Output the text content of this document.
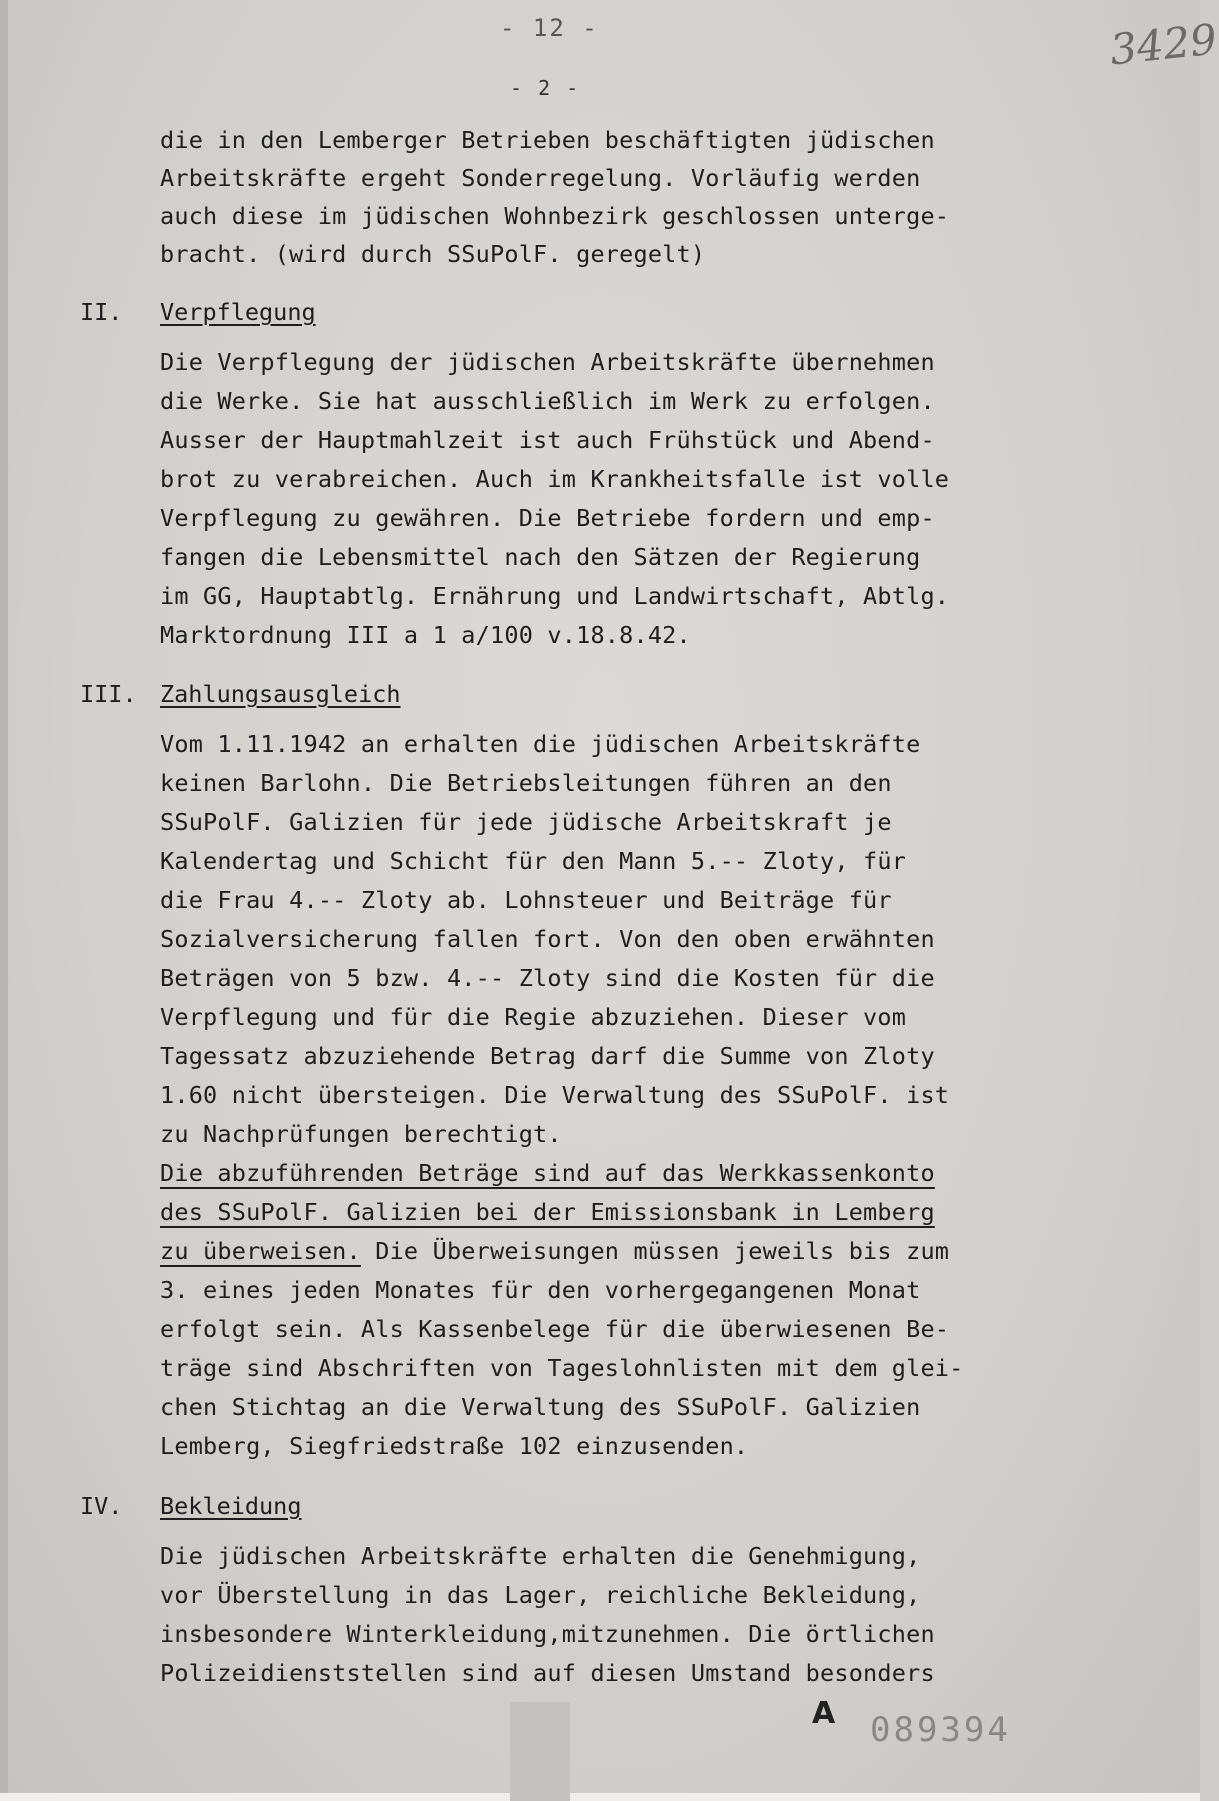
- 12 -
- 2 -
3429
die in den Lemberger Betrieben beschäftigten jüdischen
Arbeitskräfte ergeht Sonderregelung. Vorläufig werden
auch diese im jüdischen Wohnbezirk geschlossen unterge-
bracht. (wird durch SSuPolF. geregelt)
II. Verpflegung
Die Verpflegung der jüdischen Arbeitskräfte übernehmen
die Werke. Sie hat ausschließlich im Werk zu erfolgen.
Ausser der Hauptmahlzeit ist auch Frühstück und Abend-
brot zu verabreichen. Auch im Krankheitsfalle ist volle
Verpflegung zu gewähren. Die Betriebe fordern und emp-
fangen die Lebensmittel nach den Sätzen der Regierung
im GG, Hauptabtlg. Ernährung und Landwirtschaft, Abtlg.
Marktordnung III a 1 a/100 v.18.8.42.
III. Zahlungsausgleich
Vom 1.11.1942 an erhalten die jüdischen Arbeitskräfte
keinen Barlohn. Die Betriebsleitungen führen an den
SSuPolF. Galizien für jede jüdische Arbeitskraft je
Kalendertag und Schicht für den Mann 5.-- Zloty, für
die Frau 4.-- Zloty ab. Lohnsteuer und Beiträge für
Sozialversicherung fallen fort. Von den oben erwähnten
Beträgen von 5 bzw. 4.-- Zloty sind die Kosten für die
Verpflegung und für die Regie abzuziehen. Dieser vom
Tagessatz abzuziehende Betrag darf die Summe von Zloty
1.60 nicht übersteigen. Die Verwaltung des SSuPolF. ist
zu Nachprüfungen berechtigt.
Die abzuführenden Beträge sind auf das Werkkassenkonto
des SSuPolF. Galizien bei der Emissionsbank in Lemberg
zu überweisen. Die Überweisungen müssen jeweils bis zum
3. eines jeden Monates für den vorhergegangenen Monat
erfolgt sein. Als Kassenbelege für die überwiesenen Be-
träge sind Abschriften von Tageslohnlisten mit dem glei-
chen Stichtag an die Verwaltung des SSuPolF. Galizien
Lemberg, Siegfriedstraße 102 einzusenden.
IV. Bekleidung
Die jüdischen Arbeitskräfte erhalten die Genehmigung,
vor Überstellung in das Lager, reichliche Bekleidung,
insbesondere Winterkleidung,mitzunehmen. Die örtlichen
Polizeidienststellen sind auf diesen Umstand besonders
A 089394
